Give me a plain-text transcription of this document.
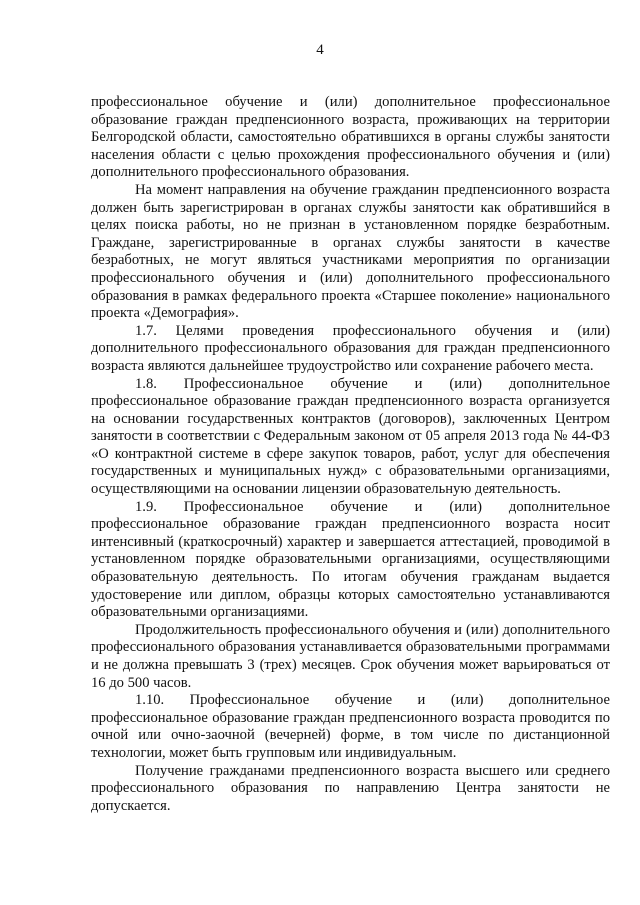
4

профессиональное обучение и (или) дополнительное профессиональное образование граждан предпенсионного возраста, проживающих на территории Белгородской области, самостоятельно обратившихся в органы службы занятости населения области с целью прохождения профессионального обучения и (или) дополнительного профессионального образования.

На момент направления на обучение гражданин предпенсионного возраста должен быть зарегистрирован в органах службы занятости как обратившийся в целях поиска работы, но не признан в установленном порядке безработным. Граждане, зарегистрированные в органах службы занятости в качестве безработных, не могут являться участниками мероприятия по организации профессионального обучения и (или) дополнительного профессионального образования в рамках федерального проекта «Старшее поколение» национального проекта «Демография».

1.7. Целями проведения профессионального обучения и (или) дополнительного профессионального образования для граждан предпенсионного возраста являются дальнейшее трудоустройство или сохранение рабочего места.

1.8. Профессиональное обучение и (или) дополнительное профессиональное образование граждан предпенсионного возраста организуется на основании государственных контрактов (договоров), заключенных Центром занятости в соответствии с Федеральным законом от 05 апреля 2013 года № 44-ФЗ «О контрактной системе в сфере закупок товаров, работ, услуг для обеспечения государственных и муниципальных нужд» с образовательными организациями, осуществляющими на основании лицензии образовательную деятельность.

1.9. Профессиональное обучение и (или) дополнительное профессиональное образование граждан предпенсионного возраста носит интенсивный (краткосрочный) характер и завершается аттестацией, проводимой в установленном порядке образовательными организациями, осуществляющими образовательную деятельность. По итогам обучения гражданам выдается удостоверение или диплом, образцы которых самостоятельно устанавливаются образовательными организациями.

Продолжительность профессионального обучения и (или) дополнительного профессионального образования устанавливается образовательными программами и не должна превышать 3 (трех) месяцев. Срок обучения может варьироваться от 16 до 500 часов.

1.10. Профессиональное обучение и (или) дополнительное профессиональное образование граждан предпенсионного возраста проводится по очной или очно-заочной (вечерней) форме, в том числе по дистанционной технологии, может быть групповым или индивидуальным.

Получение гражданами предпенсионного возраста высшего или среднего профессионального образования по направлению Центра занятости не допускается.
